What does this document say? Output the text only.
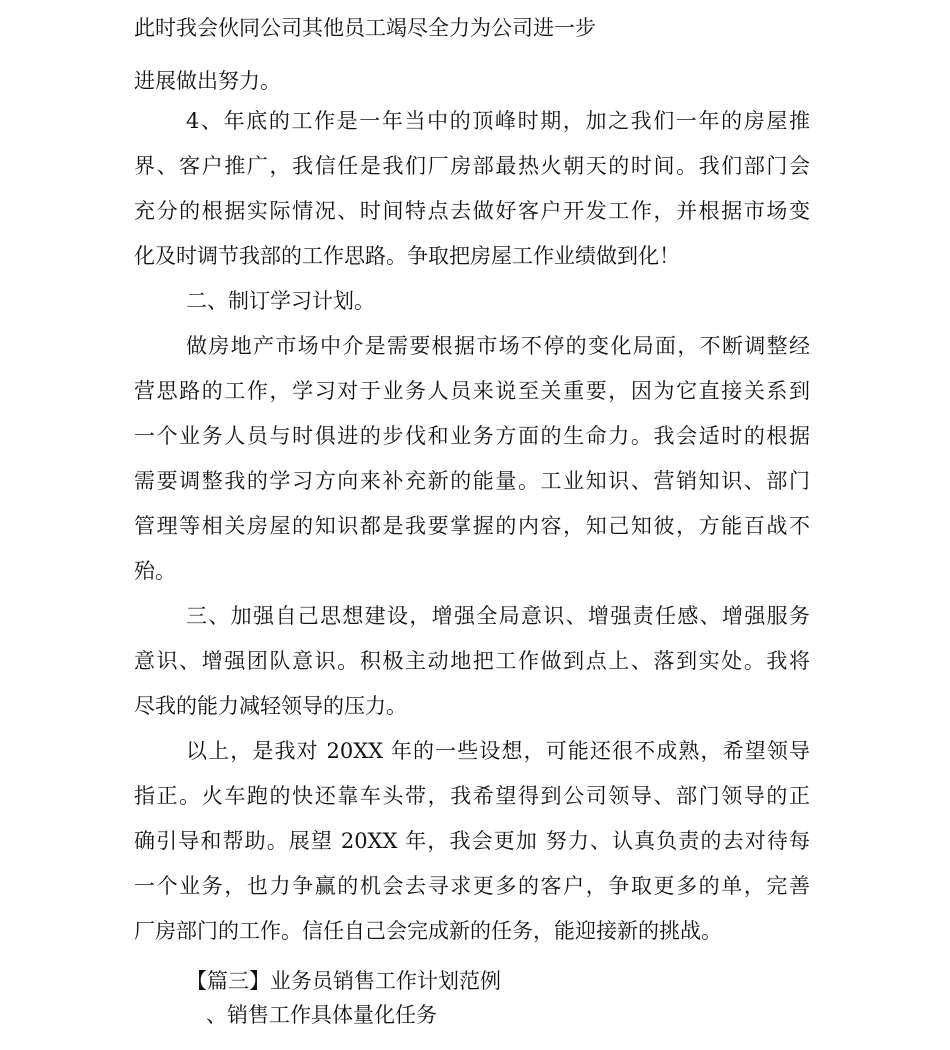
此时我会伙同公司其他员工竭尽全力为公司进一步
进展做出努力。
4、年底的工作是一年当中的顶峰时期，加之我们一年的房屋推
界、客户推广，我信任是我们厂房部最热火朝天的时间。我们部门会
充分的根据实际情况、时间特点去做好客户开发工作，并根据市场变
化及时调节我部的工作思路。争取把房屋工作业绩做到化！
二、制订学习计划。
做房地产市场中介是需要根据市场不停的变化局面，不断调整经
营思路的工作，学习对于业务人员来说至关重要，因为它直接关系到
一个业务人员与时俱进的步伐和业务方面的生命力。我会适时的根据
需要调整我的学习方向来补充新的能量。工业知识、营销知识、部门
管理等相关房屋的知识都是我要掌握的内容，知己知彼，方能百战不
殆。
三、加强自己思想建设，增强全局意识、增强责任感、增强服务
意识、增强团队意识。积极主动地把工作做到点上、落到实处。我将
尽我的能力减轻领导的压力。
以上，是我对 20XX 年的一些设想，可能还很不成熟，希望领导
指正。火车跑的快还靠车头带，我希望得到公司领导、部门领导的正
确引导和帮助。展望 20XX 年，我会更加 努力、认真负责的去对待每
一个业务，也力争赢的机会去寻求更多的客户，争取更多的单，完善
厂房部门的工作。信任自己会完成新的任务，能迎接新的挑战。
【篇三】业务员销售工作计划范例
、销售工作具体量化任务
